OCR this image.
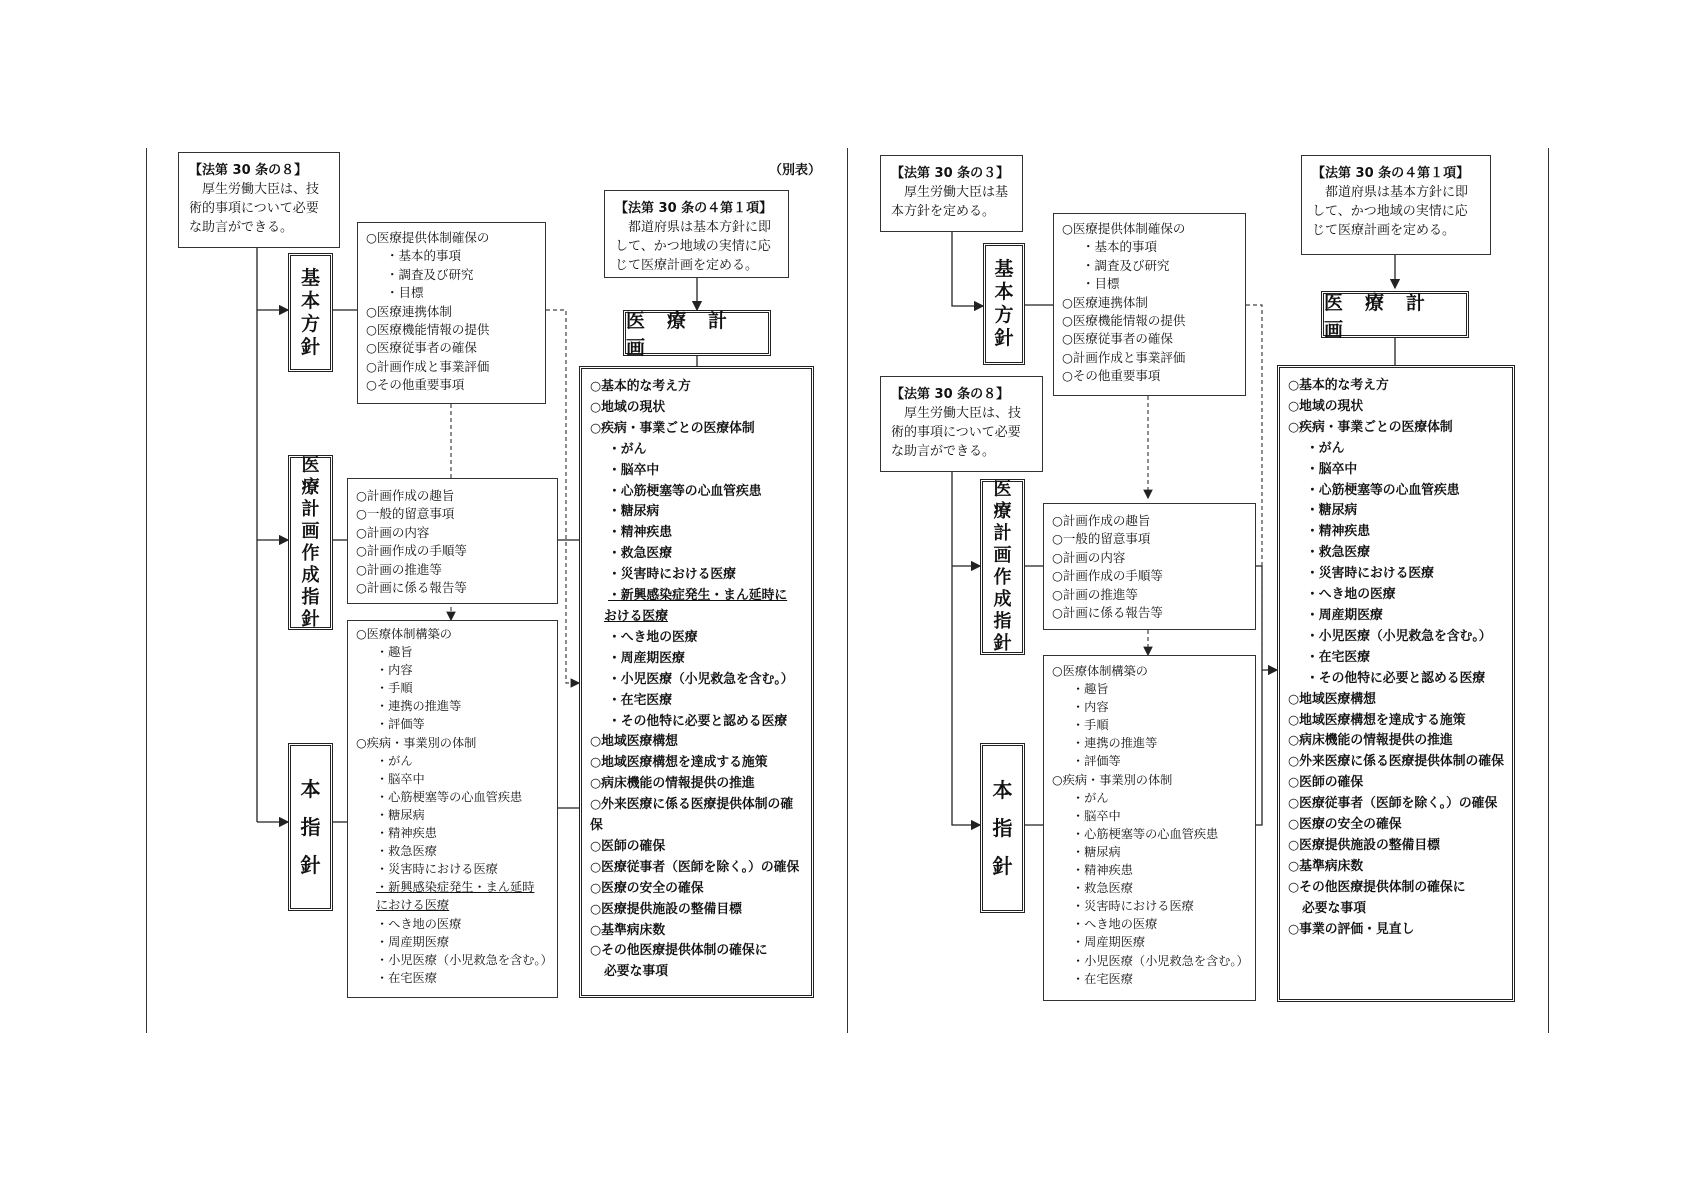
（別表）
【法第 30 条の８】
厚生労働大臣は、技術的事項について必要な助言ができる。
【法第 30 条の４第１項】
都道府県は基本方針に即して、かつ地域の実情に応じて医療計画を定める。
基本方針
医療計画作成指針
本指針
○医療提供体制確保の
・基本的事項
・調査及び研究
・目標
○医療連携体制
○医療機能情報の提供
○医療従事者の確保
○計画作成と事業評価
○その他重要事項
○計画作成の趣旨
○一般的留意事項
○計画の内容
○計画作成の手順等
○計画の推進等
○計画に係る報告等
○医療体制構築の
・趣旨
・内容
・手順
・連携の推進等
・評価等
○疾病・事業別の体制
・がん
・脳卒中
・心筋梗塞等の心血管疾患
・糖尿病
・精神疾患
・救急医療
・災害時における医療
・新興感染症発生・まん延時
における医療
・へき地の医療
・周産期医療
・小児医療（小児救急を含む。）
・在宅医療
医療計画
○基本的な考え方
○地域の現状
○疾病・事業ごとの医療体制
・がん
・脳卒中
・心筋梗塞等の心血管疾患
・糖尿病
・精神疾患
・救急医療
・災害時における医療
・新興感染症発生・まん延時に
おける医療
・へき地の医療
・周産期医療
・小児医療（小児救急を含む。）
・在宅医療
・その他特に必要と認める医療
○地域医療構想
○地域医療構想を達成する施策
○病床機能の情報提供の推進
○外来医療に係る医療提供体制の確保
○医師の確保
○医療従事者（医師を除く。）の確保
○医療の安全の確保
○医療提供施設の整備目標
○基準病床数
○その他医療提供体制の確保に
必要な事項
【法第 30 条の３】
厚生労働大臣は基本方針を定める。
【法第 30 条の４第１項】
都道府県は基本方針に即して、かつ地域の実情に応じて医療計画を定める。
【法第 30 条の８】
厚生労働大臣は、技術的事項について必要な助言ができる。
基本方針
医療計画作成指針
本指針
○医療提供体制確保の
・基本的事項
・調査及び研究
・目標
○医療連携体制
○医療機能情報の提供
○医療従事者の確保
○計画作成と事業評価
○その他重要事項
○計画作成の趣旨
○一般的留意事項
○計画の内容
○計画作成の手順等
○計画の推進等
○計画に係る報告等
○医療体制構築の
・趣旨
・内容
・手順
・連携の推進等
・評価等
○疾病・事業別の体制
・がん
・脳卒中
・心筋梗塞等の心血管疾患
・糖尿病
・精神疾患
・救急医療
・災害時における医療
・へき地の医療
・周産期医療
・小児医療（小児救急を含む。）
・在宅医療
医療計画
○基本的な考え方
○地域の現状
○疾病・事業ごとの医療体制
・がん
・脳卒中
・心筋梗塞等の心血管疾患
・糖尿病
・精神疾患
・救急医療
・災害時における医療
・へき地の医療
・周産期医療
・小児医療（小児救急を含む。）
・在宅医療
・その他特に必要と認める医療
○地域医療構想
○地域医療構想を達成する施策
○病床機能の情報提供の推進
○外来医療に係る医療提供体制の確保
○医師の確保
○医療従事者（医師を除く。）の確保
○医療の安全の確保
○医療提供施設の整備目標
○基準病床数
○その他医療提供体制の確保に
必要な事項
○事業の評価・見直し
